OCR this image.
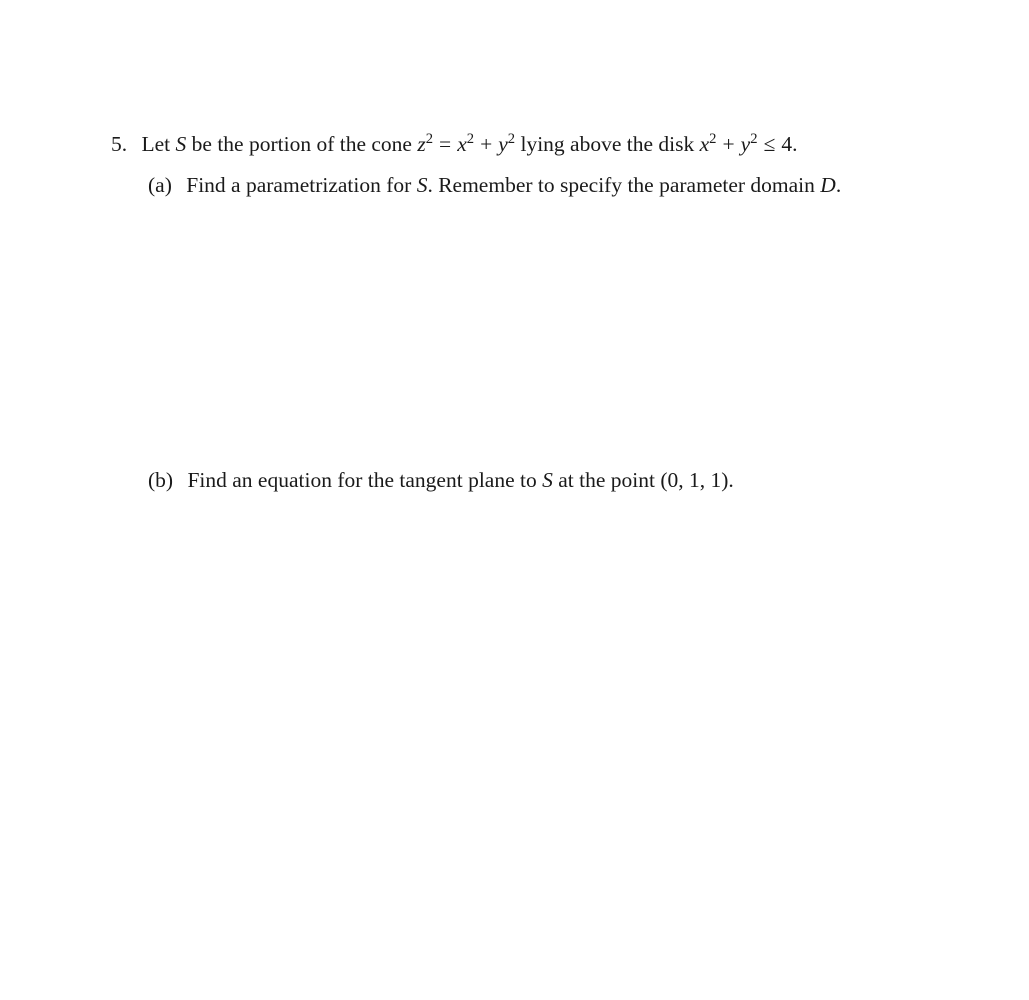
5. Let S be the portion of the cone $z^2 = x^2 + y^2$ lying above the disk $x^2 + y^2 \le 4$.
(a) Find a parametrization for S. Remember to specify the parameter domain D.
(b) Find an equation for the tangent plane to S at the point (0, 1, 1).
